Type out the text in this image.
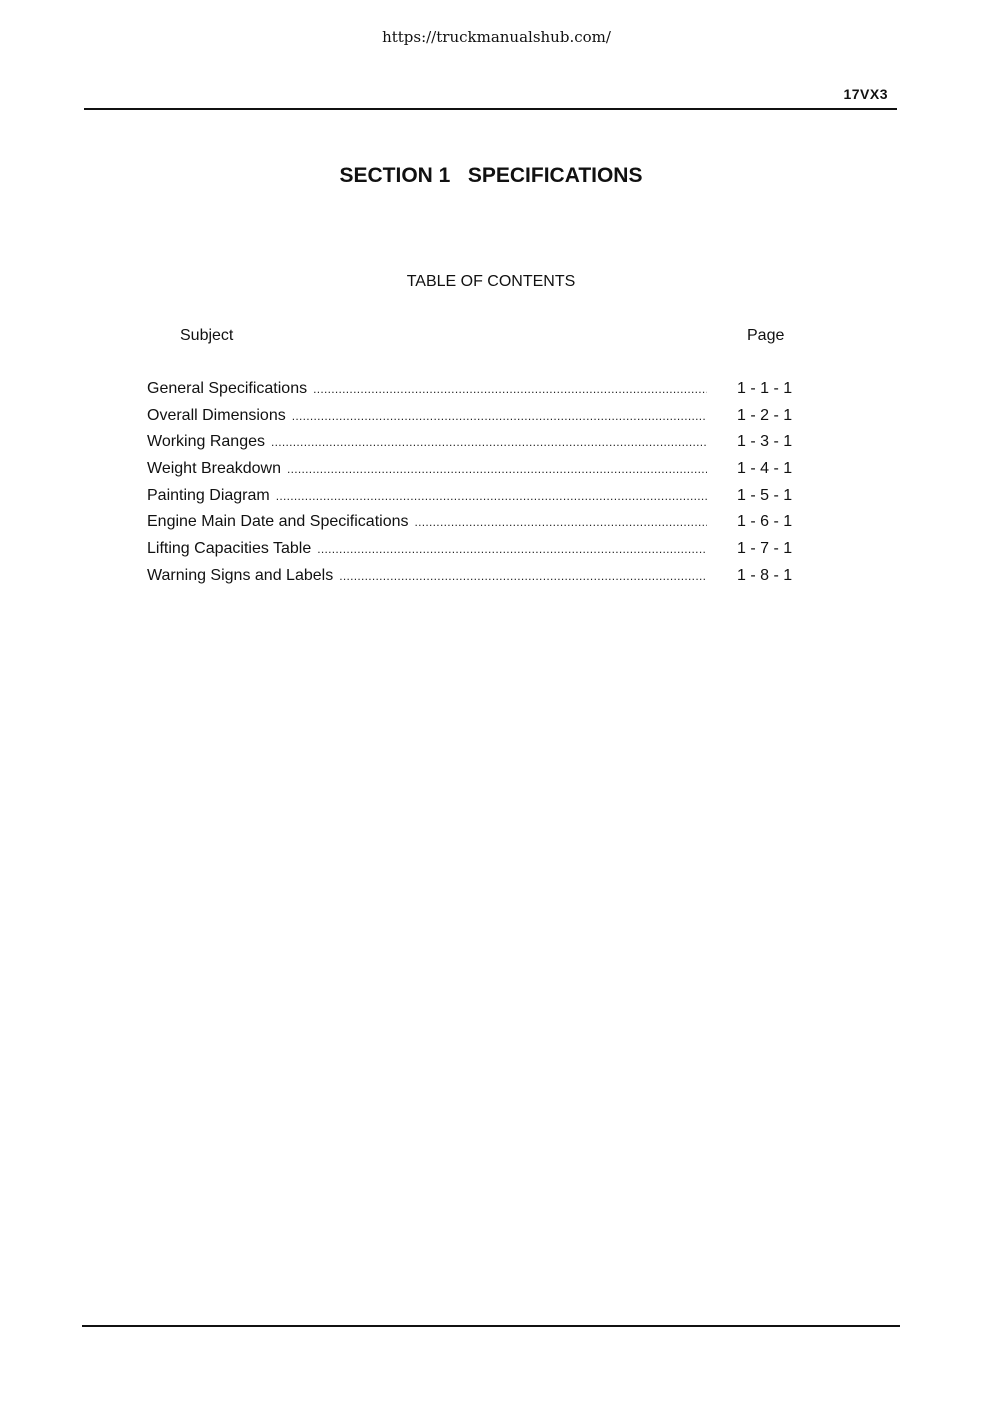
https://truckmanualshub.com/
17VX3
SECTION 1   SPECIFICATIONS
TABLE OF CONTENTS
Subject	Page
General Specifications .....	1 - 1 - 1
Overall Dimensions .....	1 - 2 - 1
Working Ranges .....	1 - 3 - 1
Weight Breakdown .....	1 - 4 - 1
Painting Diagram .....	1 - 5 - 1
Engine Main Date and Specifications .....	1 - 6 - 1
Lifting Capacities Table .....	1 - 7 - 1
Warning Signs and Labels .....	1 - 8 - 1
